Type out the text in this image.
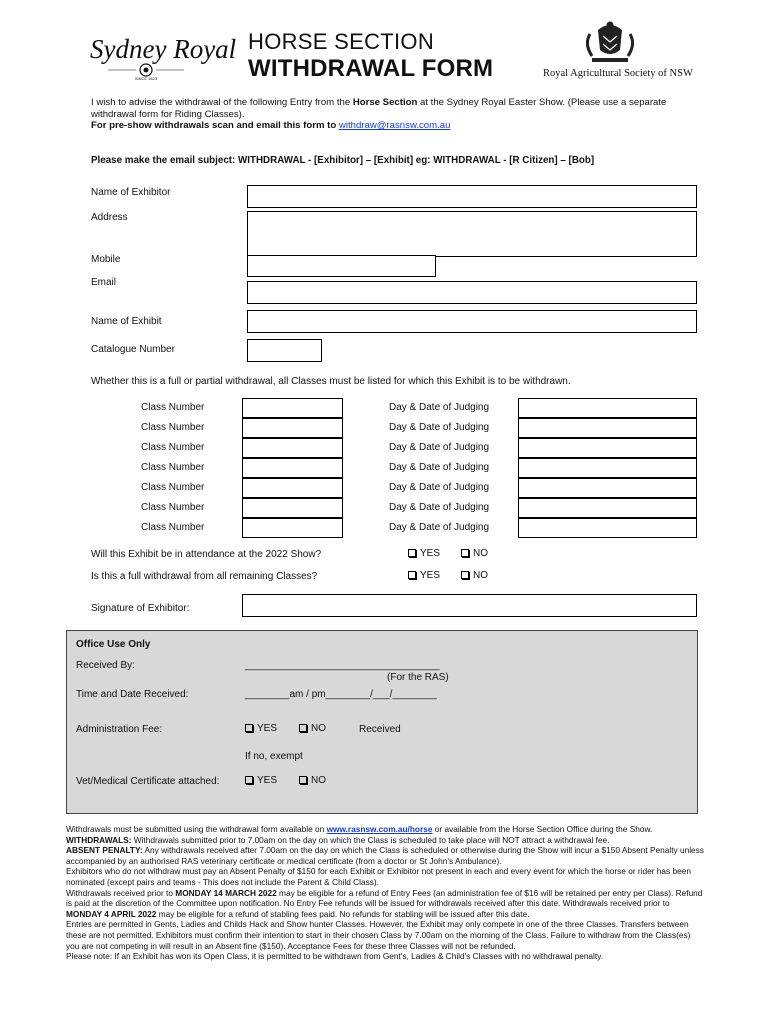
Sydney Royal
SINCE 1823
HORSE SECTION
WITHDRAWAL FORM	Royal Agricultural Society of NSW
I wish to advise the withdrawal of the following Entry from the Horse Section at the Sydney Royal Easter Show. (Please use a separate withdrawal form for Riding Classes).
For pre-show withdrawals scan and email this form to withdraw@rasnsw.com.au
Please make the email subject: WITHDRAWAL - [Exhibitor] – [Exhibit] eg: WITHDRAWAL - [R Citizen] – [Bob]
Name of Exhibitor
Address
Mobile
Email
Name of Exhibit
Catalogue Number
Whether this is a full or partial withdrawal, all Classes must be listed for which this Exhibit is to be withdrawn.
Class Number	Day & Date of Judging
Class Number	Day & Date of Judging
Class Number	Day & Date of Judging
Class Number	Day & Date of Judging
Class Number	Day & Date of Judging
Class Number	Day & Date of Judging
Class Number	Day & Date of Judging
Will this Exhibit be in attendance at the 2022 Show?	YES	NO
Is this a full withdrawal from all remaining Classes?	YES	NO
Signature of Exhibitor:
Office Use Only
Received By:	___________________________________
(For the RAS)
Time and Date Received:	________am / pm________/___/________
Administration Fee:	YES	NO	Received
If no, exempt
Vet/Medical Certificate attached:	YES	NO

Withdrawals must be submitted using the withdrawal form available on www.rasnsw.com.au/horse or available from the Horse Section Office during the Show.

WITHDRAWALS: Withdrawals submitted prior to 7.00am on the day on which the Class is scheduled to take place will NOT attract a withdrawal fee.

ABSENT PENALTY: Any withdrawals received after 7.00am on the day on which the Class is scheduled or otherwise during the Show will incur a $150 Absent Penalty unless accompanied by an authorised RAS veterinary certificate or medical certificate (from a doctor or St John's Ambulance).

Exhibitors who do not withdraw must pay an Absent Penalty of $150 for each Exhibit or Exhibitor not present in each and every event for which the horse or rider has been nominated (except pairs and teams - This does not include the Parent & Child Class).

Withdrawals received prior to MONDAY 14 MARCH 2022 may be eligible for a refund of Entry Fees (an administration fee of $16 will be retained per entry per Class). Refund is paid at the discretion of the Committee upon notification. No Entry Fee refunds will be issued for withdrawals received after this date. Withdrawals received prior to MONDAY 4 APRIL 2022 may be eligible for a refund of stabling fees paid. No refunds for stabling will be issued after this date.

Entries are permitted in Gents, Ladies and Childs Hack and Show hunter Classes. However, the Exhibit may only compete in one of the three Classes. Transfers between these are not permitted. Exhibitors must confirm their intention to start in their chosen Class by 7.00am on the morning of the Class. Failure to withdraw from the Class(es) you are not competing in will result in an Absent fine ($150). Acceptance Fees for these three Classes will not be refunded.

Please note: If an Exhibit has won its Open Class, it is permitted to be withdrawn from Gent's, Ladies & Child's Classes with no withdrawal penalty.
